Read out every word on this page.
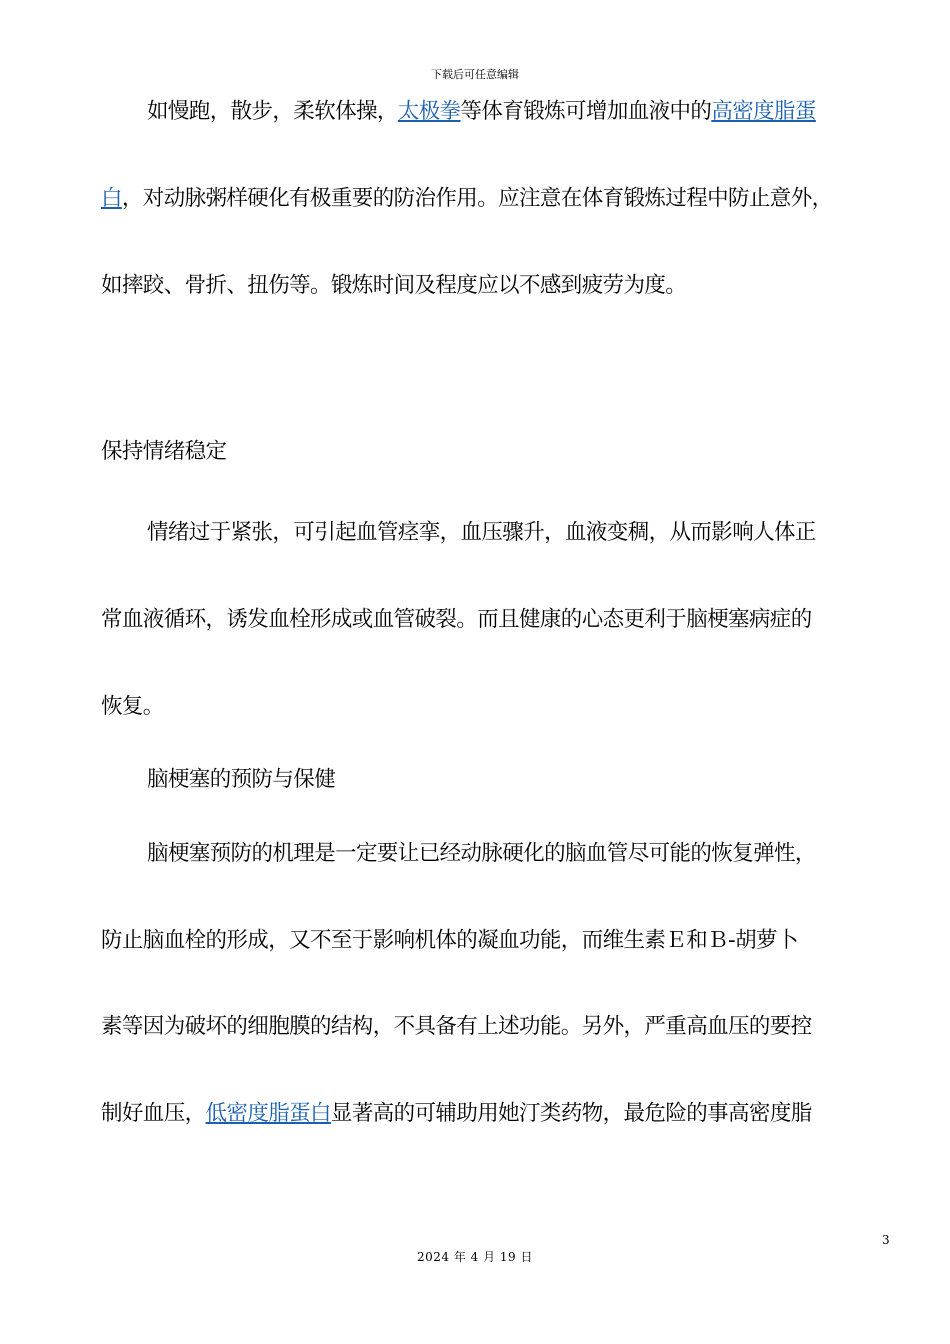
下载后可任意编辑
如慢跑，散步，柔软体操，太极拳等体育锻炼可增加血液中的高密度脂蛋
白，对动脉粥样硬化有极重要的防治作用。应注意在体育锻炼过程中防止意外，
如摔跤、骨折、扭伤等。锻炼时间及程度应以不感到疲劳为度。
保持情绪稳定
情绪过于紧张，可引起血管痉挛，血压骤升，血液变稠，从而影响人体正
常血液循环，诱发血栓形成或血管破裂。而且健康的心态更利于脑梗塞病症的
恢复。
脑梗塞的预防与保健
脑梗塞预防的机理是一定要让已经动脉硬化的脑血管尽可能的恢复弹性，
防止脑血栓的形成，又不至于影响机体的凝血功能，而维生素Ｅ和Ｂ-胡萝卜
素等因为破坏的细胞膜的结构，不具备有上述功能。另外，严重高血压的要控
制好血压，低密度脂蛋白显著高的可辅助用她汀类药物，最危险的事高密度脂
3
2024 年 4 月 19 日
